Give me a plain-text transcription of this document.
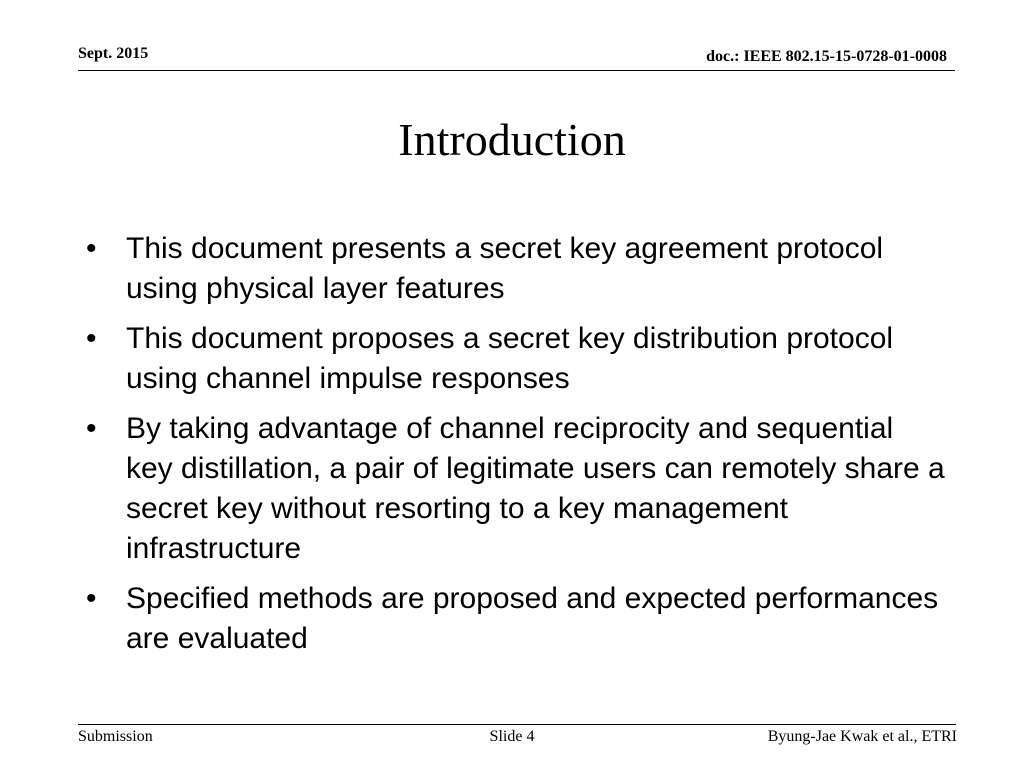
Sept. 2015	doc.: IEEE 802.15-15-0728-01-0008
Introduction
• This document presents a secret key agreement protocol using physical layer features
• This document proposes a secret key distribution protocol using channel impulse responses
• By taking advantage of channel reciprocity and sequential key distillation, a pair of legitimate users can remotely share a secret key without resorting to a key management infrastructure
• Specified methods are proposed and expected performances are evaluated
Submission	Slide 4	Byung-Jae Kwak et al., ETRI
